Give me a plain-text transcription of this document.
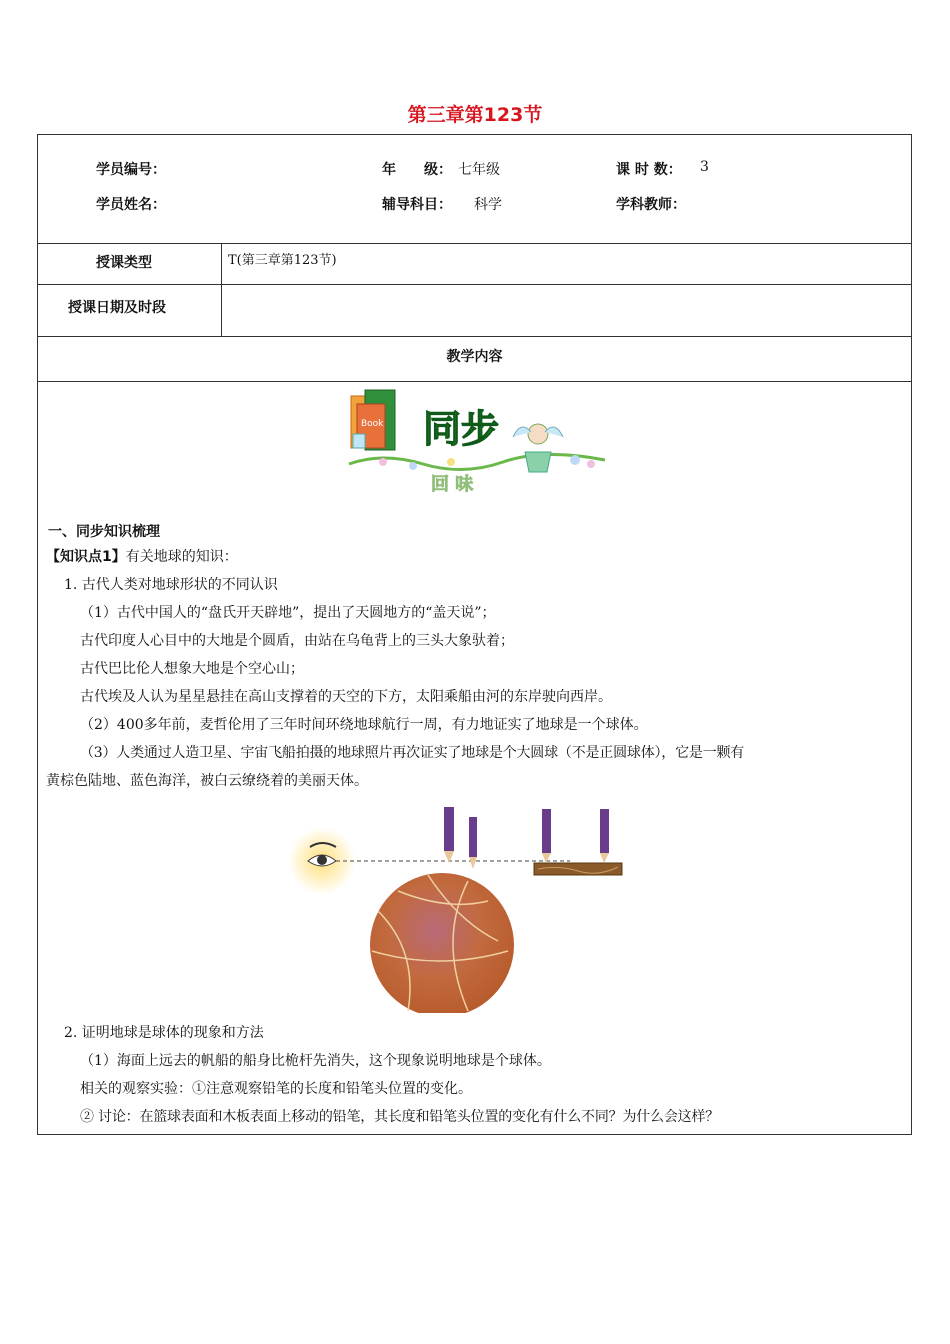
第三章第123节
学员编号：	年　　级： 七年级	课 时 数： 3
学员姓名：	辅导科目： 科学	学科教师：
授课类型	T(第三章第123节)
授课日期及时段
教学内容
Book 同步
回 味
一、同步知识梳理
【知识点1】有关地球的知识：
1. 古代人类对地球形状的不同认识
（1）古代中国人的“盘氏开天辟地”，提出了天圆地方的“盖天说”；
古代印度人心目中的大地是个圆盾，由站在乌龟背上的三头大象驮着；
古代巴比伦人想象大地是个空心山；
古代埃及人认为星星悬挂在高山支撑着的天空的下方，太阳乘船由河的东岸驶向西岸。
（2）400多年前，麦哲伦用了三年时间环绕地球航行一周，有力地证实了地球是一个球体。
（3）人类通过人造卫星、宇宙飞船拍摄的地球照片再次证实了地球是个大圆球（不是正圆球体），它是一颗有
黄棕色陆地、蓝色海洋，被白云缭绕着的美丽天体。
2. 证明地球是球体的现象和方法
（1）海面上远去的帆船的船身比桅杆先消失，这个现象说明地球是个球体。
相关的观察实验：①注意观察铅笔的长度和铅笔头位置的变化。
② 讨论：在篮球表面和木板表面上移动的铅笔，其长度和铅笔头位置的变化有什么不同？为什么会这样？
